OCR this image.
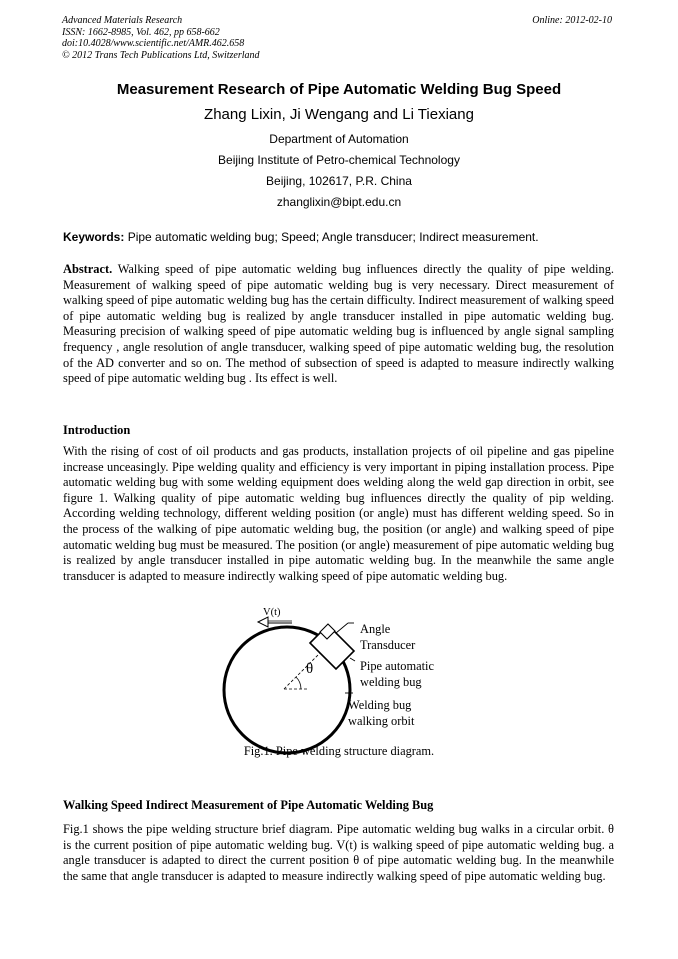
Advanced Materials Research
ISSN: 1662-8985, Vol. 462, pp 658-662
doi:10.4028/www.scientific.net/AMR.462.658
© 2012 Trans Tech Publications Ltd, Switzerland
Online: 2012-02-10
Measurement Research of Pipe Automatic Welding Bug Speed
Zhang Lixin, Ji Wengang and Li Tiexiang
Department of Automation
Beijing Institute of Petro-chemical Technology
Beijing, 102617, P.R. China
zhanglixin@bipt.edu.cn
Keywords: Pipe automatic welding bug; Speed; Angle transducer; Indirect measurement.

Abstract. Walking speed of pipe automatic welding bug influences directly the quality of pipe welding. Measurement of walking speed of pipe automatic welding bug is very necessary. Direct measurement of walking speed of pipe automatic welding bug has the certain difficulty. Indirect measurement of walking speed of pipe automatic welding bug is realized by angle transducer installed in pipe automatic welding bug. Measuring precision of walking speed of pipe automatic welding bug is influenced by angle signal sampling frequency , angle resolution of angle transducer, walking speed of pipe automatic welding bug, the resolution of the AD converter and so on. The method of subsection of speed is adapted to measure indirectly walking speed of pipe automatic welding bug . Its effect is well.

Introduction

With the rising of cost of oil products and gas products, installation projects of oil pipeline and gas pipeline increase unceasingly. Pipe welding quality and efficiency is very important in piping installation process. Pipe automatic welding bug with some welding equipment does welding along the weld gap direction in orbit, see figure 1. Walking quality of pipe automatic welding bug influences directly the quality of pip welding. According welding technology, different welding position (or angle) must has different welding speed. So in the process of the walking of pipe automatic welding bug, the position (or angle) and walking speed of pipe automatic welding bug must be measured. The position (or angle) measurement of pipe automatic welding bug is realized by angle transducer installed in pipe automatic welding bug. In the meanwhile the same angle transducer is adapted to measure indirectly walking speed of pipe automatic welding bug.

V(t)
θ
Angle
Transducer
Pipe automatic
welding bug
Welding bug
walking orbit
Fig.1. Pipe welding structure diagram.
Walking Speed Indirect Measurement of Pipe Automatic Welding Bug

Fig.1 shows the pipe welding structure brief diagram. Pipe automatic welding bug walks in a circular orbit. θ is the current position of pipe automatic welding bug. V(t) is walking speed of pipe automatic welding bug. a angle transducer is adapted to direct the current position θ of pipe automatic welding bug. In the meanwhile the same that angle transducer is adapted to measure indirectly walking speed of pipe automatic welding bug.
